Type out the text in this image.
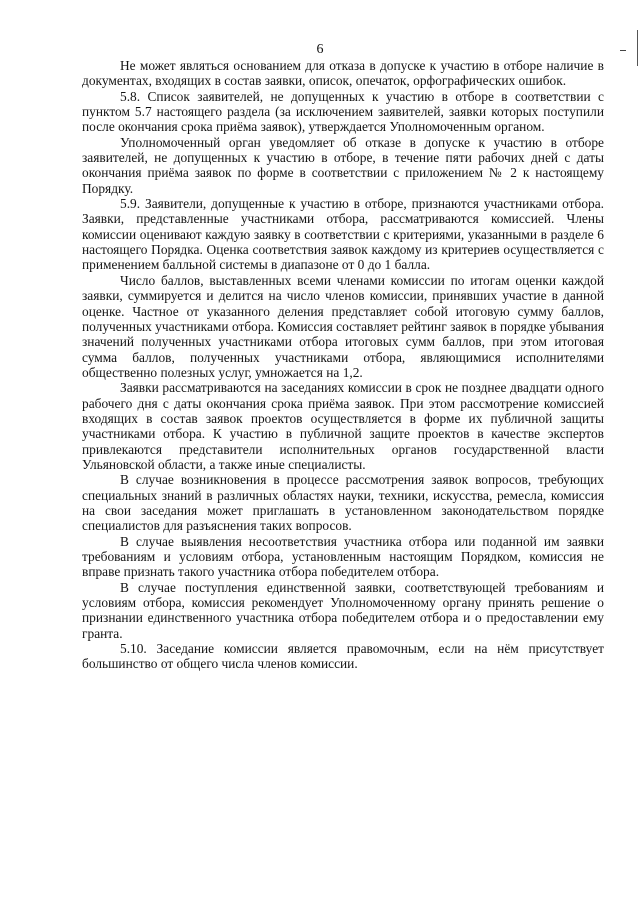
6

Не может являться основанием для отказа в допуске к участию в отборе наличие в документах, входящих в состав заявки, описок, опечаток, орфографических ошибок.

5.8. Список заявителей, не допущенных к участию в отборе в соответствии с пунктом 5.7 настоящего раздела (за исключением заявителей, заявки которых поступили после окончания срока приёма заявок), утверждается Уполномоченным органом.

Уполномоченный орган уведомляет об отказе в допуске к участию в отборе заявителей, не допущенных к участию в отборе, в течение пяти рабочих дней с даты окончания приёма заявок по форме в соответствии с приложением № 2 к настоящему Порядку.

5.9. Заявители, допущенные к участию в отборе, признаются участниками отбора. Заявки, представленные участниками отбора, рассматриваются комиссией. Члены комиссии оценивают каждую заявку в соответствии с критериями, указанными в разделе 6 настоящего Порядка. Оценка соответствия заявок каждому из критериев осуществляется с применением балльной системы в диапазоне от 0 до 1 балла.

Число баллов, выставленных всеми членами комиссии по итогам оценки каждой заявки, суммируется и делится на число членов комиссии, принявших участие в данной оценке. Частное от указанного деления представляет собой итоговую сумму баллов, полученных участниками отбора. Комиссия составляет рейтинг заявок в порядке убывания значений полученных участниками отбора итоговых сумм баллов, при этом итоговая сумма баллов, полученных участниками отбора, являющимися исполнителями общественно полезных услуг, умножается на 1,2.

Заявки рассматриваются на заседаниях комиссии в срок не позднее двадцати одного рабочего дня с даты окончания срока приёма заявок. При этом рассмотрение комиссией входящих в состав заявок проектов осуществляется в форме их публичной защиты участниками отбора. К участию в публичной защите проектов в качестве экспертов привлекаются представители исполнительных органов государственной власти Ульяновской области, а также иные специалисты.

В случае возникновения в процессе рассмотрения заявок вопросов, требующих специальных знаний в различных областях науки, техники, искусства, ремесла, комиссия на свои заседания может приглашать в установленном законодательством порядке специалистов для разъяснения таких вопросов.

В случае выявления несоответствия участника отбора или поданной им заявки требованиям и условиям отбора, установленным настоящим Порядком, комиссия не вправе признать такого участника отбора победителем отбора.

В случае поступления единственной заявки, соответствующей требованиям и условиям отбора, комиссия рекомендует Уполномоченному органу принять решение о признании единственного участника отбора победителем отбора и о предоставлении ему гранта.

5.10. Заседание комиссии является правомочным, если на нём присутствует большинство от общего числа членов комиссии.
